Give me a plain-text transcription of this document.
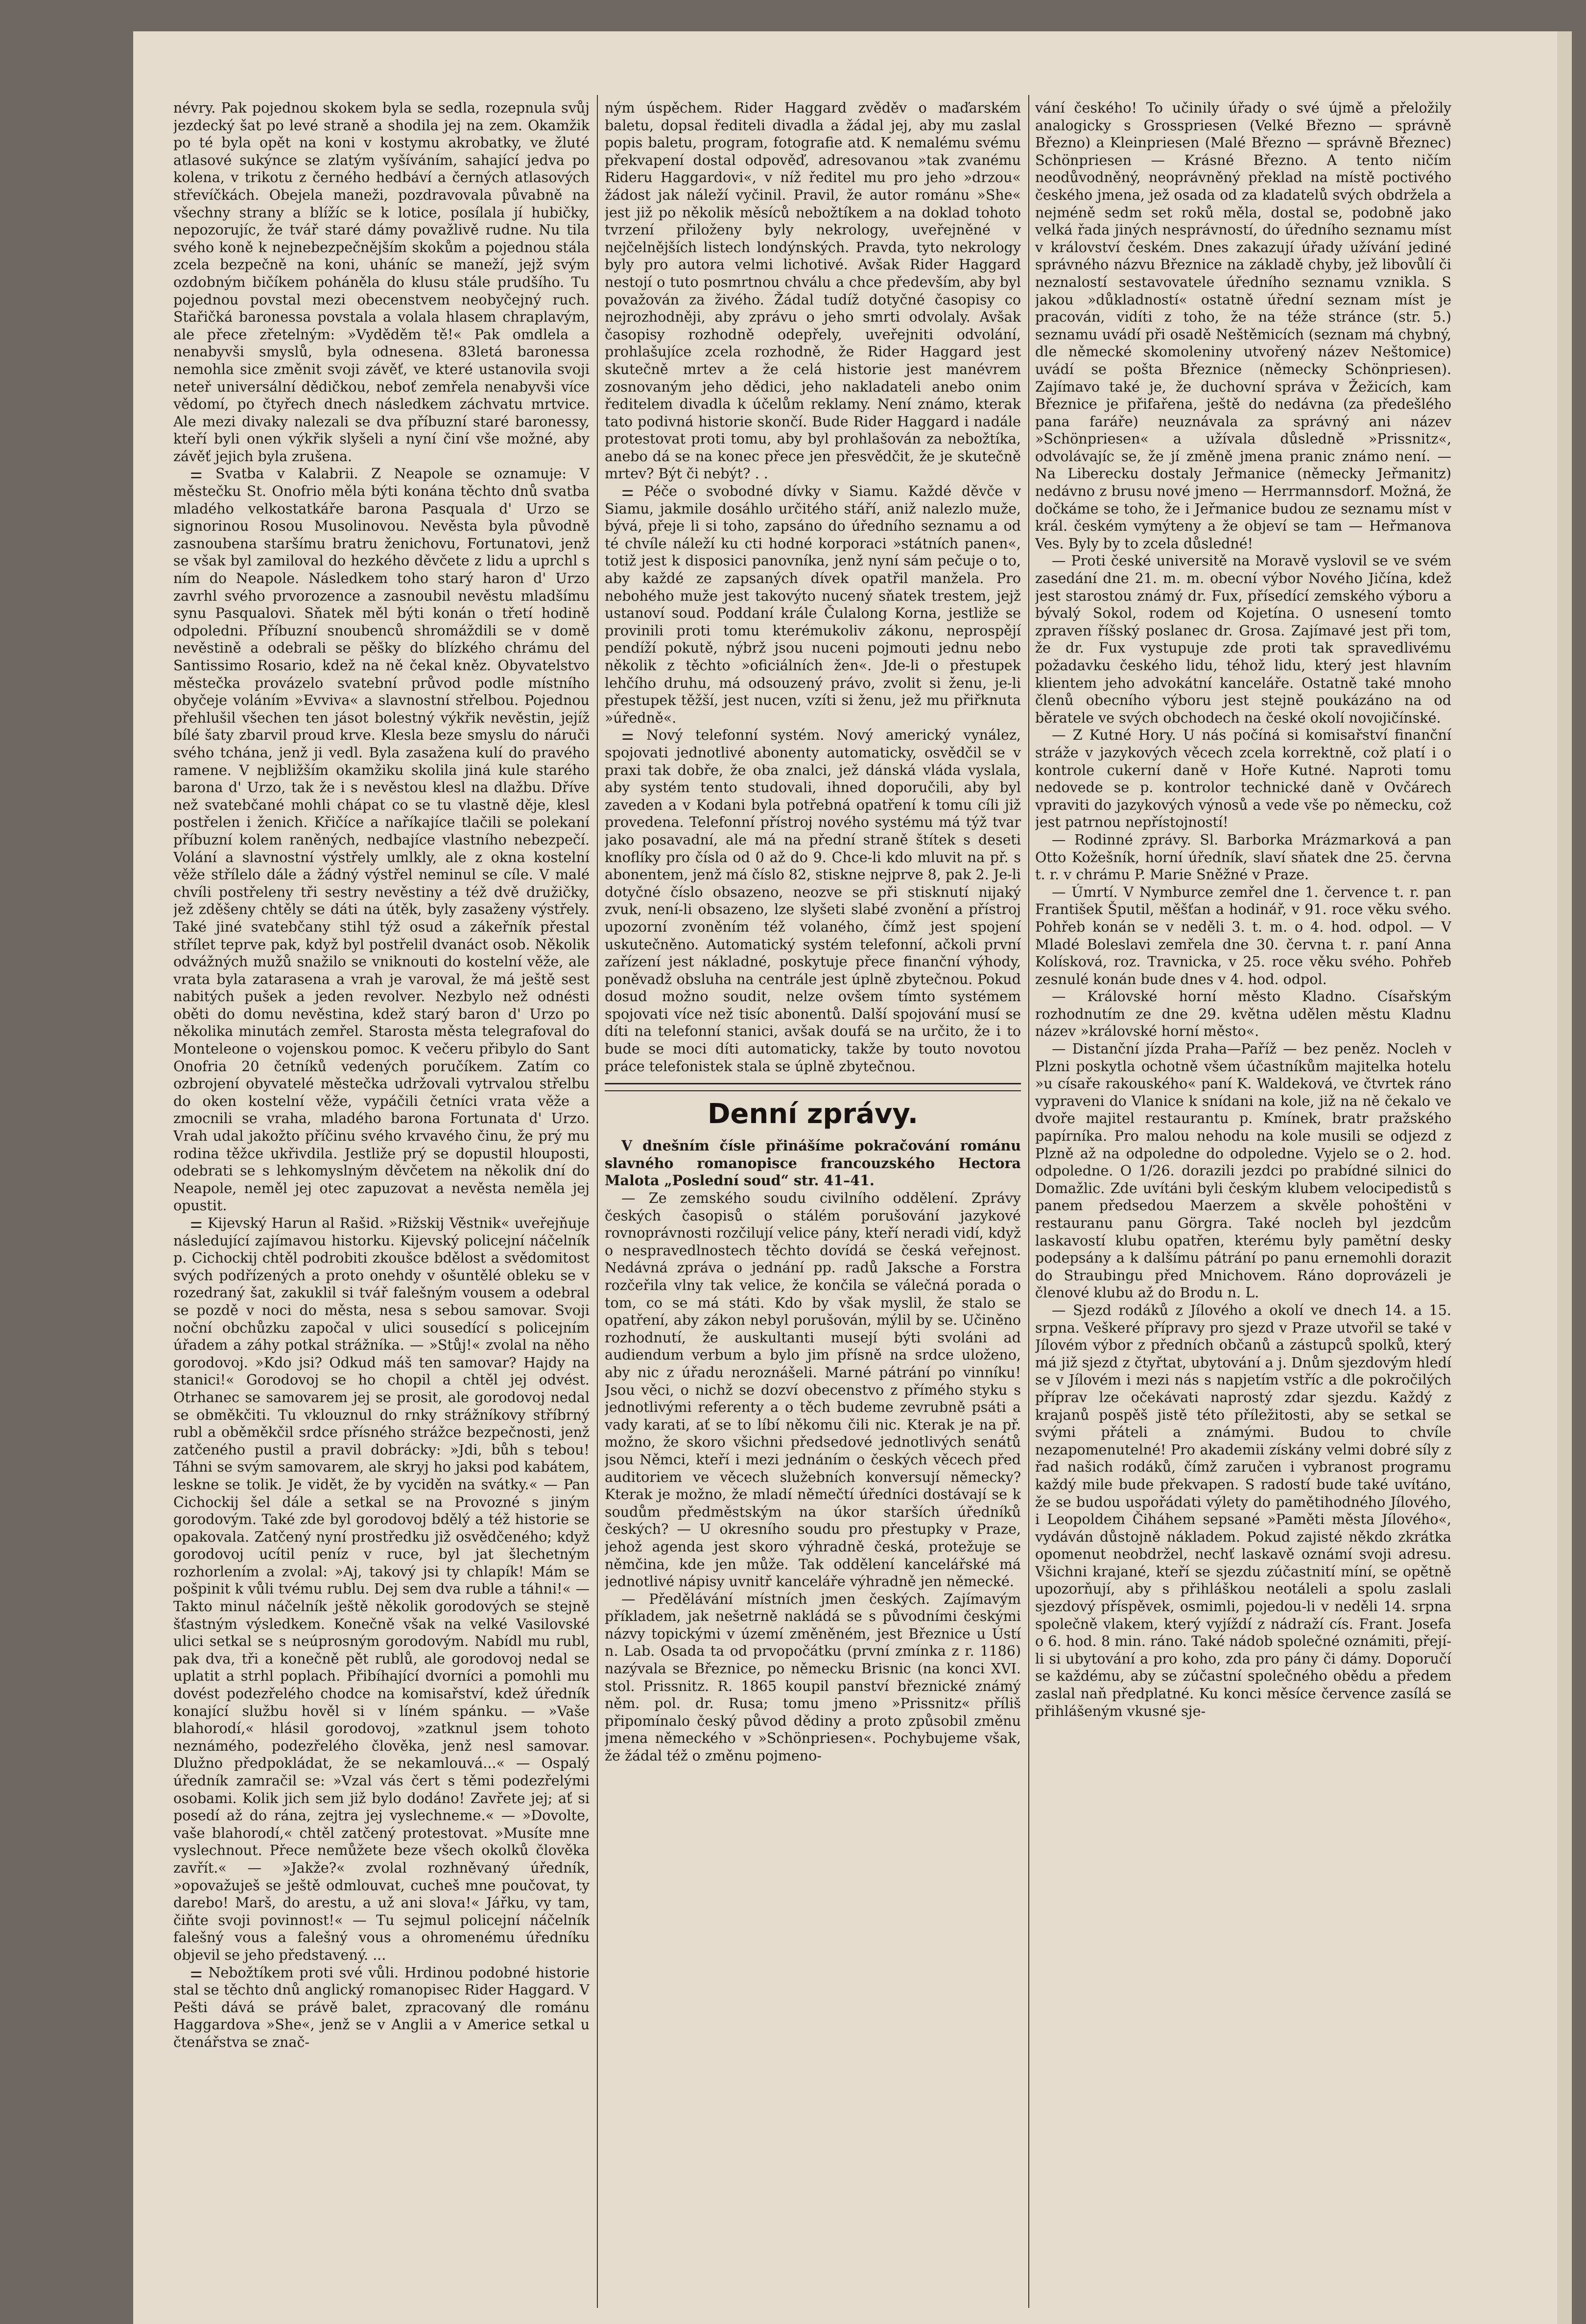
névry. Pak pojednou skokem byla se sedla, rozepnula svůj jezdecký šat po levé straně a shodila jej na zem. Okamžik po té byla opět na koni v kostymu akrobatky, ve žluté atlasové sukýnce se zlatým vyšíváním, sahající jedva po kolena, v trikotu z černého hedbáví a černých atlasových střevíčkách. Obejela maneži, pozdravovala půvabně na všechny strany a blížíc se k lotice, posílala jí hubičky, nepozorujíc, že tvář staré dámy považlivě rudne. Nu tila svého koně k nejnebezpečnějším skokům a pojednou stála zcela bezpečně na koni, uháníc se maneží, jejž svým ozdobným bičíkem poháněla do klusu stále prudšího. Tu pojednou povstal mezi obecenstvem neobyčejný ruch. Stařičká baronessa povstala a volala hlasem chraplavým, ale přece zřetelným: »Vyděděm tě!« Pak omdlela a nenabyvši smyslů, byla odnesena. 83letá baronessa nemohla sice změnit svoji závěť, ve které ustanovila svoji neteř universální dědičkou, neboť zemřela nenabyvši více vědomí, po čtyřech dnech následkem záchvatu mrtvice. Ale mezi divaky nalezali se dva příbuzní staré baronessy, kteří byli onen výkřik slyšeli a nyní činí vše možné, aby závěť jejich byla zrušena.

⚌ Svatba v Kalabrii. Z Neapole se oznamuje: V městečku St. Onofrio měla býti konána těchto dnů svatba mladého velkostatkáře barona Pasquala d' Urzo se signorinou Rosou Musolinovou. Nevěsta byla původně zasnoubena staršímu bratru ženichovu, Fortunatovi, jenž se však byl zamiloval do hezkého děvčete z lidu a uprchl s ním do Neapole. Následkem toho starý haron d' Urzo zavrhl svého prvorozence a zasnoubil nevěstu mladšímu synu Pasqualovi. Sňatek měl býti konán o třetí hodině odpoledni. Příbuzní snoubenců shromáždili se v domě nevěstině a odebrali se pěšky do blízkého chrámu del Santissimo Rosario, kdež na ně čekal kněz. Obyvatelstvo městečka provázelo svatební průvod podle místního obyčeje voláním »Evviva« a slavnostní střelbou. Pojednou přehlušil všechen ten jásot bolestný výkřik nevěstin, jejíž bílé šaty zbarvil proud krve. Klesla beze smyslu do náruči svého tchána, jenž ji vedl. Byla zasažena kulí do pravého ramene. V nejbližším okamžiku skolila jiná kule starého barona d' Urzo, tak že i s nevěstou klesl na dlažbu. Dříve než svatebčané mohli chápat co se tu vlastně děje, klesl postřelen i ženich. Křičíce a naříkajíce tlačili se polekaní příbuzní kolem raněných, nedbajíce vlastního nebezpečí. Volání a slavnostní výstřely umlkly, ale z okna kostelní věže střílelo dále a žádný výstřel neminul se cíle. V malé chvíli postřeleny tři sestry nevěstiny a též dvě družičky, jež zděšeny chtěly se dáti na útěk, byly zasaženy výstřely. Také jiné svatebčany stihl týž osud a zákeřník přestal střílet teprve pak, když byl postřelil dvanáct osob. Několik odvážných mužů snažilo se vniknouti do kostelní věže, ale vrata byla zatarasena a vrah je varoval, že má ještě sest nabitých pušek a jeden revolver. Nezbylo než odnésti oběti do domu nevěstina, kdež starý baron d' Urzo po několika minutách zemřel. Starosta města telegrafoval do Monteleone o vojenskou pomoc. K večeru přibylo do Sant Onofria 20 četníků vedených poručíkem. Zatím co ozbrojení obyvatelé městečka udržovali vytrvalou střelbu do oken kostelní věže, vypáčili četníci vrata věže a zmocnili se vraha, mladého barona Fortunata d' Urzo. Vrah udal jakožto příčinu svého krvavého činu, že prý mu rodina těžce ukřivdila. Jestliže prý se dopustil hlouposti, odebrati se s lehkomyslným děvčetem na několik dní do Neapole, neměl jej otec zapuzovat a nevěsta neměla jej opustit.

⚌ Kijevský Harun al Rašid. »Rižskij Věstnik« uveřejňuje následující zajímavou historku. Kijevský policejní náčelník p. Cichockij chtěl podrobiti zkoušce bdělost a svědomitost svých podřízených a proto onehdy v ošuntělé obleku se v rozedraný šat, zakuklil si tvář falešným vousem a odebral se pozdě v noci do města, nesa s sebou samovar. Svoji noční obchůzku započal v ulici sousedící s policejním úřadem a záhy potkal strážníka. — »Stůj!« zvolal na něho gorodovoj. »Kdo jsi? Odkud máš ten samovar? Hajdy na stanici!« Gorodovoj se ho chopil a chtěl jej odvést. Otrhanec se samovarem jej se prosit, ale gorodovoj nedal se obměkčiti. Tu vklouznul do rnky strážníkovy stříbrný rubl a oběměkčil srdce přísného strážce bezpečnosti, jenž zatčeného pustil a pravil dobrácky: »Jdi, bůh s tebou! Táhni se svým samovarem, ale skryj ho jaksi pod kabátem, leskne se tolik. Je vidět, že by vyciděn na svátky.« — Pan Cichockij šel dále a setkal se na Provozné s jiným gorodovým. Také zde byl gorodovoj bdělý a též historie se opakovala. Zatčený nyní prostředku již osvědčeného; když gorodovoj ucítil peníz v ruce, byl jat šlechetným rozhorlením a zvolal: »Aj, takový jsi ty chlapík! Mám se pošpinit k vůli tvému rublu. Dej sem dva ruble a táhni!« — Takto minul náčelník ještě několik gorodových se stejně šťastným výsledkem. Konečně však na velké Vasilovské ulici setkal se s neúprosným gorodovým. Nabídl mu rubl, pak dva, tři a konečně pět rublů, ale gorodovoj nedal se uplatit a strhl poplach. Přibíhající dvorníci a pomohli mu dovést podezřelého chodce na komisařství, kdež úředník konající službu hověl si v líném spánku. — »Vaše blahorodí,« hlásil gorodovoj, »zatknul jsem tohoto neznámého, podezřelého člověka, jenž nesl samovar. Dlužno předpokládat, že se nekamlouvá...« — Ospalý úředník zamračil se: »Vzal vás čert s těmi podezřelými osobami. Kolik jich sem již bylo dodáno! Zavřete jej; ať si posedí až do rána, zejtra jej vyslechneme.« — »Dovolte, vaše blahorodí,« chtěl zatčený protestovat. »Musíte mne vyslechnout. Přece nemůžete beze všech okolků člověka zavřít.« — »Jakže?« zvolal rozhněvaný úředník, »opovažuješ se ještě odmlouvat, cucheš mne poučovat, ty darebo! Marš, do arestu, a už ani slova!« Jářku, vy tam, čiňte svoji povinnost!« — Tu sejmul policejní náčelník falešný vous a falešný vous a ohromenému úředníku objevil se jeho představený. ...

⚌ Nebožtíkem proti své vůli. Hrdinou podobné historie stal se těchto dnů anglický romanopisec Rider Haggard. V Pešti dává se právě balet, zpracovaný dle románu Haggardova »She«, jenž se v Anglii a v Americe setkal u čtenářstva se znač-

ným úspěchem. Rider Haggard zvěděv o maďarském baletu, dopsal řediteli divadla a žádal jej, aby mu zaslal popis baletu, program, fotografie atd. K nemalému svému překvapení dostal odpověď, adresovanou »tak zvanému Rideru Haggardovi«, v níž ředitel mu pro jeho »drzou« žádost jak náleží vyčinil. Pravil, že autor románu »She« jest již po několik měsíců nebožtíkem a na doklad tohoto tvrzení přiloženy byly nekrology, uveřejněné v nejčelnějších listech londýnských. Pravda, tyto nekrology byly pro autora velmi lichotivé. Avšak Rider Haggard nestojí o tuto posmrtnou chválu a chce především, aby byl považován za živého. Žádal tudíž dotyčné časopisy co nejrozhodněji, aby zprávu o jeho smrti odvolaly. Avšak časopisy rozhodně odepřely, uveřejniti odvolání, prohlašujíce zcela rozhodně, že Rider Haggard jest skutečně mrtev a že celá historie jest manévrem zosnovaným jeho dědici, jeho nakladateli anebo onim ředitelem divadla k účelům reklamy. Není známo, kterak tato podivná historie skončí. Bude Rider Haggard i nadále protestovat proti tomu, aby byl prohlašován za nebožtíka, anebo dá se na konec přece jen přesvědčit, že je skutečně mrtev? Být či nebýt? . .

⚌ Péče o svobodné dívky v Siamu. Každé děvče v Siamu, jakmile dosáhlo určitého stáří, aniž nalezlo muže, bývá, přeje li si toho, zapsáno do úředního seznamu a od té chvíle náleží ku cti hodné korporaci »státních panen«, totiž jest k disposici panovníka, jenž nyní sám pečuje o to, aby každé ze zapsaných dívek opatřil manžela. Pro nebohého muže jest takovýto nucený sňatek trestem, jejž ustanoví soud. Poddaní krále Čulalong Korna, jestliže se provinili proti tomu kterémukoliv zákonu, neprospějí pendíží pokutě, nýbrž jsou nuceni pojmouti jednu nebo několik z těchto »oficiálních žen«. Jde-li o přestupek lehčího druhu, má odsouzený právo, zvolit si ženu, je-li přestupek těžší, jest nucen, vzíti si ženu, jež mu přiřknuta »úředně«.

⚌ Nový telefonní systém. Nový americký vynález, spojovati jednotlivé abonenty automaticky, osvědčil se v praxi tak dobře, že oba znalci, jež dánská vláda vyslala, aby systém tento studovali, ihned doporučili, aby byl zaveden a v Kodani byla potřebná opatření k tomu cíli již provedena. Telefonní přístroj nového systému má týž tvar jako posavadní, ale má na přední straně štítek s deseti knoflíky pro čísla od 0 až do 9. Chce-li kdo mluvit na př. s abonentem, jenž má číslo 82, stiskne nejprve 8, pak 2. Je-li dotyčné číslo obsazeno, neozve se při stisknutí nijaký zvuk, není-li obsazeno, lze slyšeti slabé zvonění a přístroj upozorní zvoněním též volaného, čímž jest spojení uskutečněno. Automatický systém telefonní, ačkoli první zařízení jest nákladné, poskytuje přece finanční výhody, poněvadž obsluha na centrále jest úplně zbytečnou. Pokud dosud možno soudit, nelze ovšem tímto systémem spojovati více než tisíc abonentů. Další spojování musí se díti na telefonní stanici, avšak doufá se na určito, že i to bude se moci díti automaticky, takže by touto novotou práce telefonistek stala se úplně zbytečnou.

Denní zprávy.

V dnešním čísle přinášíme pokračování románu slavného romanopisce francouzského Hectora Malota „Poslední soud“ str. 41–41.

— Ze zemského soudu civilního oddělení. Zprávy českých časopisů o stálém porušování jazykové rovnoprávnosti rozčilují velice pány, kteří neradi vidí, když o nespravedlnostech těchto dovídá se česká veřejnost. Nedávná zpráva o jednání pp. radů Jaksche a Forstra rozčeřila vlny tak velice, že končila se válečná porada o tom, co se má státi. Kdo by však myslil, že stalo se opatření, aby zákon nebyl porušován, mýlil by se. Učiněno rozhodnutí, že auskultanti musejí býti svoláni ad audiendum verbum a bylo jim přísně na srdce uloženo, aby nic z úřadu neroznášeli. Marné pátrání po vinníku! Jsou věci, o nichž se dozví obecenstvo z přímého styku s jednotlivými referenty a o těch budeme zevrubně psáti a vady karati, ať se to líbí někomu čili nic. Kterak je na př. možno, že skoro všichni předsedové jednotlivých senátů jsou Němci, kteří i mezi jednáním o českých věcech před auditoriem ve věcech služebních konversují německy? Kterak je možno, že mladí němečtí úředníci dostávají se k soudům předměstským na úkor starších úředníků českých? — U okresního soudu pro přestupky v Praze, jehož agenda jest skoro výhradně česká, protežuje se němčina, kde jen může. Tak oddělení kancelářské má jednotlivé nápisy uvnitř kanceláře výhradně jen německé.

— Předělávání místních jmen českých. Zajímavým příkladem, jak nešetrně nakládá se s původními českými názvy topickými v území změněném, jest Březnice u Ústí n. Lab. Osada ta od prvopočátku (první zmínka z r. 1186) nazývala se Březnice, po německu Brisnic (na konci XVI. stol. Prissnitz. R. 1865 koupil panství březnické známý něm. pol. dr. Rusa; tomu jmeno »Prissnitz« příliš připomínalo český původ dědiny a proto způsobil změnu jmena německého v »Schönpriesen«. Pochybujeme však, že žádal též o změnu pojmeno-

vání českého! To učinily úřady o své újmě a přeložily analogicky s Grosspriesen (Velké Březno — správně Březno) a Kleinpriesen (Malé Březno — správně Březnec) Schönpriesen — Krásné Březno. A tento ničím neodůvodněný, neoprávněný překlad na místě poctivého českého jmena, jež osada od za kladatelů svých obdržela a nejméně sedm set roků měla, dostal se, podobně jako velká řada jiných nesprávností, do úředního seznamu míst v království českém. Dnes zakazují úřady užívání jediné správného názvu Březnice na základě chyby, jež libovůlí či neznalostí sestavovatele úředního seznamu vznikla. S jakou »důkladností« ostatně úřední seznam míst je pracován, vidíti z toho, že na téže stránce (str. 5.) seznamu uvádí při osadě Neštěmicích (seznam má chybný, dle německé skomoleniny utvořený název Neštomice) uvádí se pošta Březnice (německy Schönpriesen). Zajímavo také je, že duchovní správa v Žežicích, kam Březnice je přifařena, ještě do nedávna (za předešlého pana faráře) neuznávala za správný ani název »Schönpriesen« a užívala důsledně »Prissnitz«, odvolávajíc se, že jí změně jmena pranic známo není. — Na Liberecku dostaly Jeřmanice (německy Jeřmanitz) nedávno z brusu nové jmeno — Herrmannsdorf. Možná, že dočkáme se toho, že i Jeřmanice budou ze seznamu míst v král. českém vymýteny a že objeví se tam — Heřmanova Ves. Byly by to zcela důsledné!

— Proti české universitě na Moravě vyslovil se ve svém zasedání dne 21. m. m. obecní výbor Nového Jičína, kdež jest starostou známý dr. Fux, přísedící zemského výboru a bývalý Sokol, rodem od Kojetína. O usnesení tomto zpraven říšský poslanec dr. Grosa. Zajímavé jest při tom, že dr. Fux vystupuje zde proti tak spravedlivému požadavku českého lidu, téhož lidu, který jest hlavním klientem jeho advokátní kanceláře. Ostatně také mnoho členů obecního výboru jest stejně poukázáno na od běratele ve svých obchodech na české okolí novojičínské.

— Z Kutné Hory. U nás počíná si komisařství finanční stráže v jazykových věcech zcela korrektně, což platí i o kontrole cukerní daně v Hoře Kutné. Naproti tomu nedovede se p. kontrolor technické daně v Ovčárech vpraviti do jazykových výnosů a vede vše po německu, což jest patrnou nepřístojností!

— Rodinné zprávy. Sl. Barborka Mrázmarková a pan Otto Kožešník, horní úředník, slaví sňatek dne 25. června t. r. v chrámu P. Marie Sněžné v Praze.

— Úmrtí. V Nymburce zemřel dne 1. července t. r. pan František Šputil, měšťan a hodinář, v 91. roce věku svého. Pohřeb konán se v neděli 3. t. m. o 4. hod. odpol. — V Mladé Boleslavi zemřela dne 30. června t. r. paní Anna Kolísková, roz. Travnicka, v 25. roce věku svého. Pohřeb zesnulé konán bude dnes v 4. hod. odpol.

— Královské horní město Kladno. Císařským rozhodnutím ze dne 29. května udělen městu Kladnu název »královské horní město«.

— Distanční jízda Praha—Paříž — bez peněz. Nocleh v Plzni poskytla ochotně všem účastníkům majitelka hotelu »u císaře rakouského« paní K. Waldeková, ve čtvrtek ráno vypraveni do Vlanice k snídani na kole, již na ně čekalo ve dvoře majitel restaurantu p. Kmínek, bratr pražského papírníka. Pro malou nehodu na kole musili se odjezd z Plzně až na odpoledne do odpoledne. Vyjelo se o 2. hod. odpoledne. O 1/26. dorazili jezdci po prabídné silnici do Domažlic. Zde uvítáni byli českým klubem velocipedistů s panem předsedou Maerzem a skvěle pohoštěni v restauranu panu Görgra. Také nocleh byl jezdcům laskavostí klubu opatřen, kterému byly pamětní desky podepsány a k dalšímu pátrání po panu ernemohli dorazit do Straubingu před Mnichovem. Ráno doprovázeli je členové klubu až do Brodu n. L.

— Sjezd rodáků z Jílového a okolí ve dnech 14. a 15. srpna. Veškeré přípravy pro sjezd v Praze utvořil se také v Jílovém výbor z předních občanů a zástupců spolků, který má již sjezd z čtyřtat, ubytování a j. Dnům sjezdovým hledí se v Jílovém i mezi nás s napjetím vstříc a dle pokročilých příprav lze očekávati naprostý zdar sjezdu. Každý z krajanů pospěš jistě této příležitosti, aby se setkal se svými přáteli a známými. Budou to chvíle nezapomenutelné! Pro akademii získány velmi dobré síly z řad našich rodáků, čímž zaručen i vybranost programu každý mile bude překvapen. S radostí bude také uvítáno, že se budou uspořádati výlety do pamětihodného Jílového, i Leopoldem Čiháhem sepsané »Paměti města Jílového«, vydáván důstojně nákladem. Pokud zajisté někdo zkrátka opomenut neobdržel, nechť laskavě oznámí svoji adresu. Všichni krajané, kteří se sjezdu zúčastnití míní, se opětně upozorňují, aby s přihláškou neotáleli a spolu zaslali sjezdový příspěvek, osmimli, pojedou-li v neděli 14. srpna společně vlakem, který vyjíždí z nádraží cís. Frant. Josefa o 6. hod. 8 min. ráno. Také nádob společné oznámiti, přejí-li si ubytování a pro koho, zda pro pány či dámy. Doporučí se každému, aby se zúčastní společného obědu a předem zaslal naň předplatné. Ku konci měsíce července zasílá se přihlášeným vkusné sje-
